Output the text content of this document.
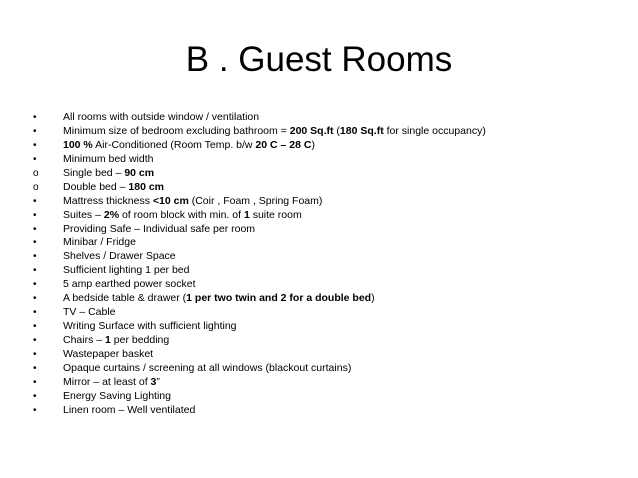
B . Guest Rooms
•	All rooms with outside window / ventilation
•	Minimum size of bedroom excluding bathroom = 200 Sq.ft (180 Sq.ft for single occupancy)
•	100 % Air-Conditioned (Room Temp. b/w 20 C – 28 C)
•	Minimum bed width
o	Single bed – 90 cm
o	Double bed – 180 cm
•	Mattress thickness <10 cm (Coir , Foam , Spring Foam)
•	Suites – 2% of room block with min. of 1 suite room
•	Providing Safe – Individual safe per room
•	Minibar / Fridge
•	Shelves / Drawer Space
•	Sufficient lighting 1 per bed
•	5 amp earthed power socket
•	A bedside table & drawer (1 per two twin and 2 for a double bed)
•	TV – Cable
•	Writing Surface with sufficient lighting
•	Chairs – 1 per bedding
•	Wastepaper basket
•	Opaque curtains / screening at all windows (blackout curtains)
•	Mirror – at least of 3”
•	Energy Saving Lighting
•	Linen room – Well ventilated
